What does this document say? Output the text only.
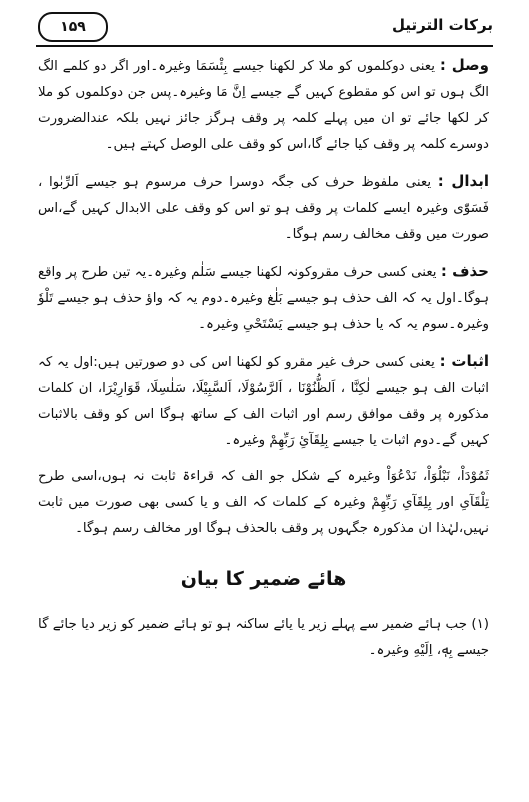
۱۵۹	برکات الترتیل

وصل : یعنی دوکلموں کو ملا کر لکھنا جیسے بِئْسَمَا وغیرہ۔اور اگر دو کلمے الگ الگ ہوں تو اس کو مقطوع کہیں گے جیسے اِنَّ مَا وغیرہ۔پس جن دوکلموں کو ملا کر لکھا جائے تو ان میں پہلے کلمہ پر وقف ہرگز جائز نہیں بلکہ عندالضرورت دوسرے کلمہ پر وقف کیا جائے گا،اس کو وقف علی الوصل کہتے ہیں۔

ابدال : یعنی ملفوظ حرف کی جگہ دوسرا حرف مرسوم ہو جیسے اَلرِّبٰوا ، فَسَوّٰی وغیرہ ایسے کلمات پر وقف ہو تو اس کو وقف علی الابدال کہیں گے،اس صورت میں وقف مخالف رسم ہوگا۔

حذف : یعنی کسی حرف مقروکونہ لکھنا جیسے سَلٰم وغیرہ۔یہ تین طرح پر واقع ہوگا۔اول یہ کہ الف حذف ہو جیسے بَلٰغ وغیرہ۔دوم یہ کہ واؤ حذف ہو جیسے تَلْوٗ وغیرہ۔سوم یہ کہ یا حذف ہو جیسے یَسْتَحْیِ وغیرہ۔

اثبات : یعنی کسی حرف غیر مقرو کو لکھنا اس کی دو صورتیں ہیں:اول یہ کہ اثبات الف ہو جیسے لٰکِنَّا ، اَلظُّنُوْنَا ، اَلرَّسُوْلَا، اَلسَّبِیْلَا، سَلٰسِلَا، قَوَارِیْرَا، ان کلمات مذکورہ پر وقف موافق رسم اور اثبات الف کے ساتھ ہوگا اس کو وقف بالاثبات کہیں گے۔دوم اثبات یا جیسے بِلِقَآئِ رَبِّهِمْ وغیرہ۔

ثَمُوْدَاْ، نَبْلُوَاْ، نَدْعُوَاْ وغیرہ کے شکل جو الف کہ قراءۃ ثابت نہ ہوں،اسی طرح تِلْقَآیِ اور بِلِقَآیِ رَبِّهِمْ وغیرہ کے کلمات کہ الف و یا کسی بھی صورت میں ثابت نہیں،لہٰذا ان مذکورہ جگہوں پر وقف بالحذف ہوگا اور مخالف رسم ہوگا۔

ھائے ضمیر کا بیان

(۱) جب ہائے ضمیر سے پہلے زیر یا یائے ساکنہ ہو تو ہائے ضمیر کو زیر دیا جائے گا جیسے بِهٖ، اِلَیْهِ وغیرہ۔
